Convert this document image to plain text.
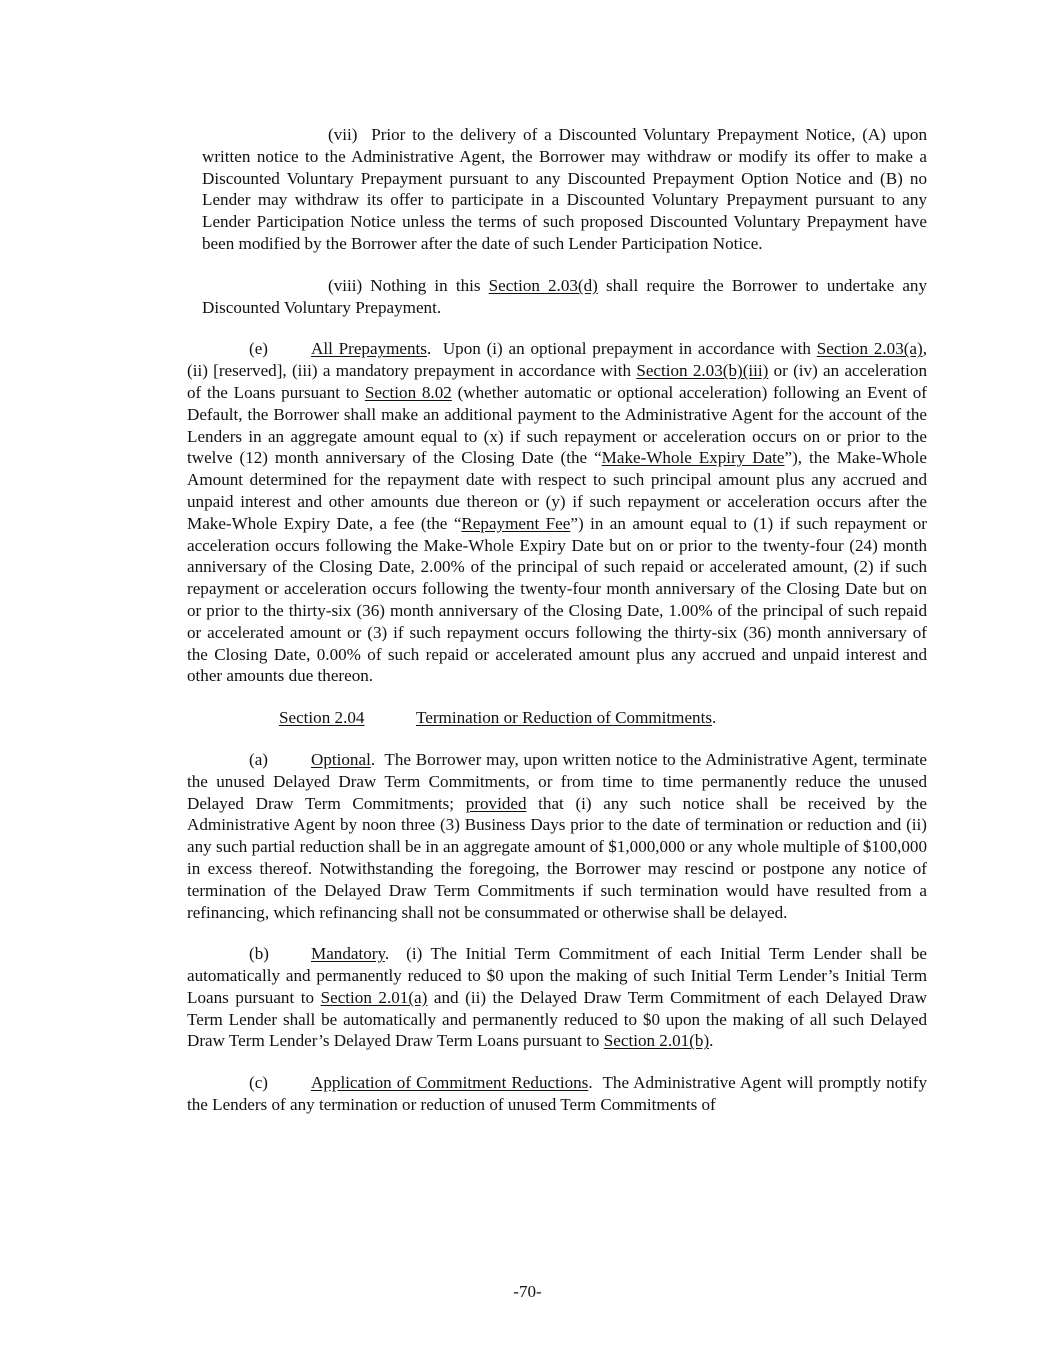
(vii) Prior to the delivery of a Discounted Voluntary Prepayment Notice, (A) upon written notice to the Administrative Agent, the Borrower may withdraw or modify its offer to make a Discounted Voluntary Prepayment pursuant to any Discounted Prepayment Option Notice and (B) no Lender may withdraw its offer to participate in a Discounted Voluntary Prepayment pursuant to any Lender Participation Notice unless the terms of such proposed Discounted Voluntary Prepayment have been modified by the Borrower after the date of such Lender Participation Notice.

(viii) Nothing in this Section 2.03(d) shall require the Borrower to undertake any Discounted Voluntary Prepayment.

(e)	All Prepayments.  Upon (i) an optional prepayment in accordance with Section 2.03(a), (ii) [reserved], (iii) a mandatory prepayment in accordance with Section 2.03(b)(iii) or (iv) an acceleration of the Loans pursuant to Section 8.02 (whether automatic or optional acceleration) following an Event of Default, the Borrower shall make an additional payment to the Administrative Agent for the account of the Lenders in an aggregate amount equal to (x) if such repayment or acceleration occurs on or prior to the twelve (12) month anniversary of the Closing Date (the “Make-Whole Expiry Date”), the Make-Whole Amount determined for the repayment date with respect to such principal amount plus any accrued and unpaid interest and other amounts due thereon or (y) if such repayment or acceleration occurs after the Make-Whole Expiry Date, a fee (the “Repayment Fee”) in an amount equal to (1) if such repayment or acceleration occurs following the Make-Whole Expiry Date but on or prior to the twenty-four (24) month anniversary of the Closing Date, 2.00% of the principal of such repaid or accelerated amount, (2) if such repayment or acceleration occurs following the twenty-four month anniversary of the Closing Date but on or prior to the thirty-six (36) month anniversary of the Closing Date, 1.00% of the principal of such repaid or accelerated amount or (3) if such repayment occurs following the thirty-six (36) month anniversary of the Closing Date, 0.00% of such repaid or accelerated amount plus any accrued and unpaid interest and other amounts due thereon.

Section 2.04	Termination or Reduction of Commitments.

(a)	Optional.  The Borrower may, upon written notice to the Administrative Agent, terminate the unused Delayed Draw Term Commitments, or from time to time permanently reduce the unused Delayed Draw Term Commitments; provided that (i) any such notice shall be received by the Administrative Agent by noon three (3) Business Days prior to the date of termination or reduction and (ii) any such partial reduction shall be in an aggregate amount of $1,000,000 or any whole multiple of $100,000 in excess thereof. Notwithstanding the foregoing, the Borrower may rescind or postpone any notice of termination of the Delayed Draw Term Commitments if such termination would have resulted from a refinancing, which refinancing shall not be consummated or otherwise shall be delayed.

(b) Mandatory.  (i) The Initial Term Commitment of each Initial Term Lender shall be automatically and permanently reduced to $0 upon the making of such Initial Term Lender’s Initial Term Loans pursuant to Section 2.01(a) and (ii) the Delayed Draw Term Commitment of each Delayed Draw Term Lender shall be automatically and permanently reduced to $0 upon the making of all such Delayed Draw Term Lender’s Delayed Draw Term Loans pursuant to Section 2.01(b).

(c)	Application of Commitment Reductions.  The Administrative Agent will promptly notify the Lenders of any termination or reduction of unused Term Commitments of

-70-
